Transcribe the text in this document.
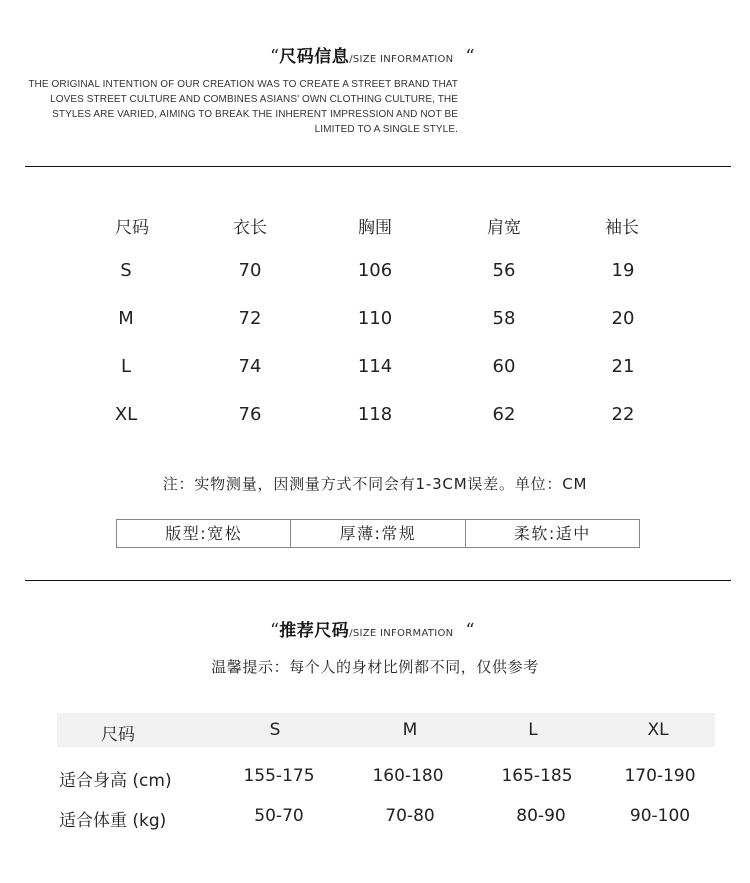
“尺码信息/SIZE INFORMATION “
THE ORIGINAL INTENTION OF OUR CREATION WAS TO CREATE A STREET BRAND THAT
LOVES STREET CULTURE AND COMBINES ASIANS' OWN CLOTHING CULTURE, THE
STYLES ARE VARIED, AIMING TO BREAK THE INHERENT IMPRESSION AND NOT BE
LIMITED TO A SINGLE STYLE.
尺码	衣长	胸围	肩宽	袖长
S	70	106	56	19
M	72	110	58	20
L	74	114	60	21
XL	76	118	62	22
注：实物测量，因测量方式不同会有1-3CM误差。单位：CM
版型:宽松	厚薄:常规	柔软:适中
“推荐尺码/SIZE INFORMATION “
温馨提示：每个人的身材比例都不同，仅供参考
尺码	S	M	L	XL
适合身高 (cm)	155-175	160-180	165-185	170-190
适合体重 (kg)	50-70	70-80	80-90	90-100
